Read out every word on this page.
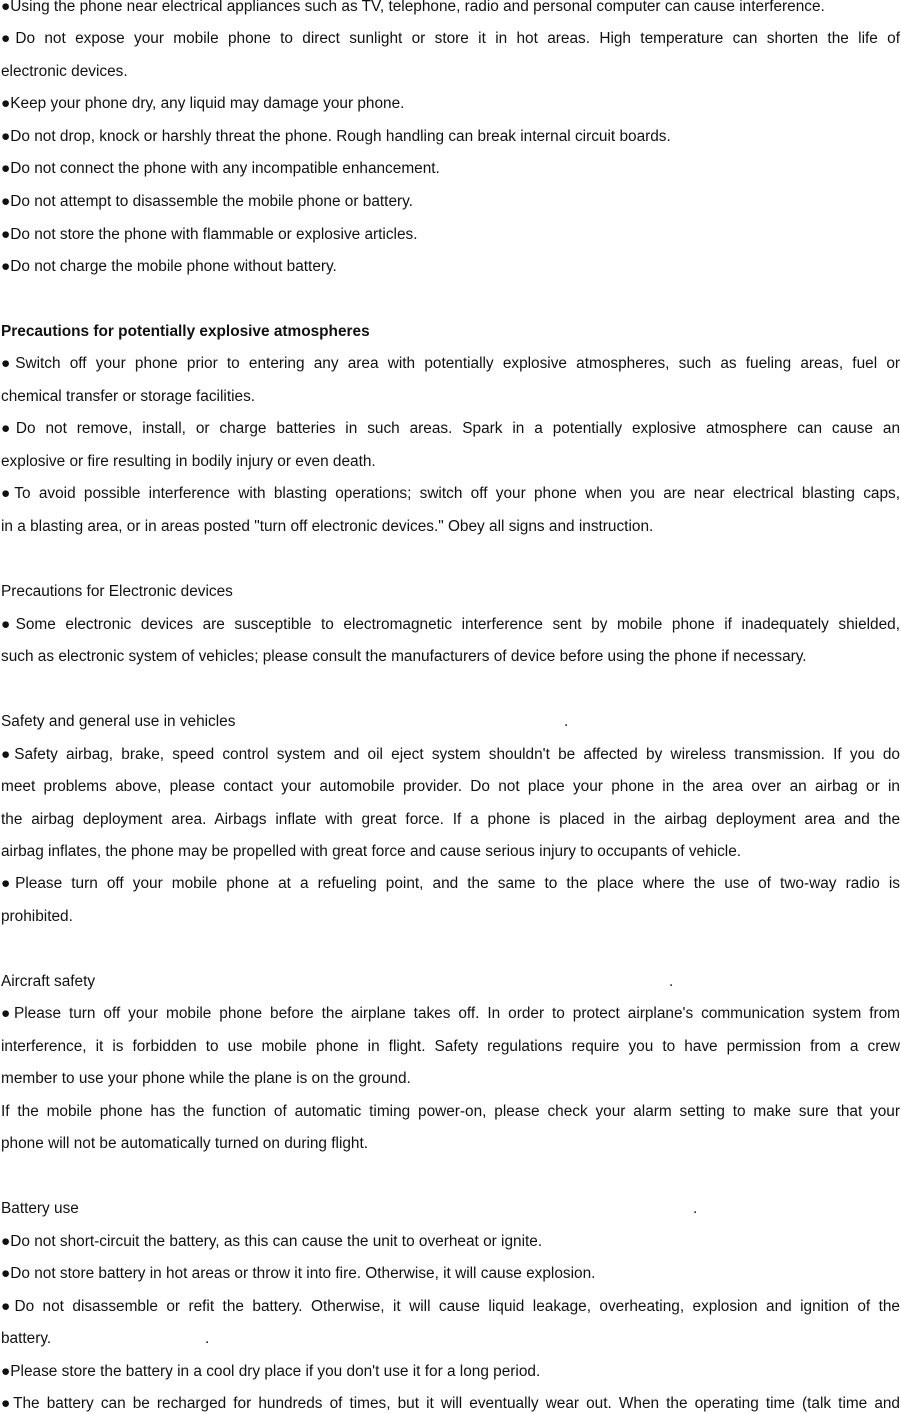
●Using the phone near electrical appliances such as TV, telephone, radio and personal computer can cause interference.
●Do not expose your mobile phone to direct sunlight or store it in hot areas. High temperature can shorten the life of
electronic devices.
●Keep your phone dry, any liquid may damage your phone.
●Do not drop, knock or harshly threat the phone. Rough handling can break internal circuit boards.
●Do not connect the phone with any incompatible enhancement.
●Do not attempt to disassemble the mobile phone or battery.
●Do not store the phone with flammable or explosive articles.
●Do not charge the mobile phone without battery.
Precautions for potentially explosive atmospheres
●Switch off your phone prior to entering any area with potentially explosive atmospheres, such as fueling areas, fuel or
chemical transfer or storage facilities.
●Do not remove, install, or charge batteries in such areas. Spark in a potentially explosive atmosphere can cause an
explosive or fire resulting in bodily injury or even death.
●To avoid possible interference with blasting operations; switch off your phone when you are near electrical blasting caps,
in a blasting area, or in areas posted "turn off electronic devices." Obey all signs and instruction.
Precautions for Electronic devices
●Some electronic devices are susceptible to electromagnetic interference sent by mobile phone if inadequately shielded,
such as electronic system of vehicles; please consult the manufacturers of device before using the phone if necessary.
Safety and general use in vehicles	.
●Safety airbag, brake, speed control system and oil eject system shouldn't be affected by wireless transmission. If you do
meet problems above, please contact your automobile provider. Do not place your phone in the area over an airbag or in
the airbag deployment area. Airbags inflate with great force. If a phone is placed in the airbag deployment area and the
airbag inflates, the phone may be propelled with great force and cause serious injury to occupants of vehicle.
●Please turn off your mobile phone at a refueling point, and the same to the place where the use of two-way radio is
prohibited.
Aircraft safety	.
●Please turn off your mobile phone before the airplane takes off. In order to protect airplane's communication system from
interference, it is forbidden to use mobile phone in flight. Safety regulations require you to have permission from a crew
member to use your phone while the plane is on the ground.
If the mobile phone has the function of automatic timing power-on, please check your alarm setting to make sure that your
phone will not be automatically turned on during flight.
Battery use	.
●Do not short-circuit the battery, as this can cause the unit to overheat or ignite.
●Do not store battery in hot areas or throw it into fire. Otherwise, it will cause explosion.
●Do not disassemble or refit the battery. Otherwise, it will cause liquid leakage, overheating, explosion and ignition of the
battery.	.
●Please store the battery in a cool dry place if you don't use it for a long period.
●The battery can be recharged for hundreds of times, but it will eventually wear out. When the operating time (talk time and
